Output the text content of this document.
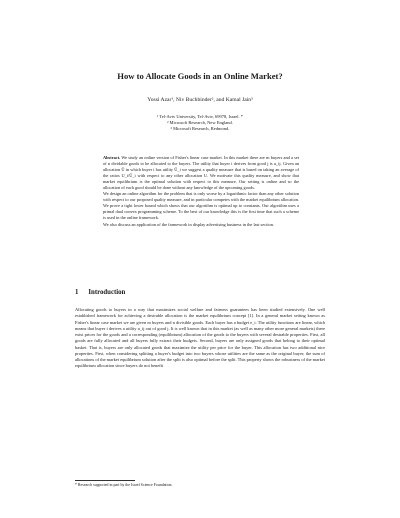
How to Allocate Goods in an Online Market?
Yossi Azar¹, Niv Buchbinder², and Kamal Jain³
¹ Tel-Aviv University, Tel-Aviv, 69978, Israel. *
² Microsoft Research, New England.
³ Microsoft Research, Redmond.

Abstract. We study an online version of Fisher's linear case market. In this market there are m buyers and a set of n dividable goods to be allocated to the buyers. The utility that buyer i derives from good j is u_ij. Given an allocation Û in which buyer i has utility Û_i we suggest a quality measure that is based on taking an average of the ratios U_i/Û_i with respect to any other allocation U. We motivate this quality measure, and show that market equilibrium is the optimal solution with respect to this measure. Our setting is online and so the allocation of each good should be done without any knowledge of the upcoming goods.

We design an online algorithm for the problem that is only worse by a logarithmic factor than any other solution with respect to our proposed quality measure, and in particular competes with the market equilibrium allocation. We prove a tight lower bound which shows that our algorithm is optimal up to constants. Our algorithm uses a primal dual convex programming scheme. To the best of our knowledge this is the first time that such a scheme is used in the online framework.

We also discuss an application of the framework in display advertising business in the last section.

1 Introduction
Allocating goods to buyers in a way that maximizes social welfare and fairness guarantees has been studied extensively. One well established framework for achieving a desirable allocation is the market equilibrium concept [1]. In a general market setting known as Fisher's linear case market we are given m buyers and n divisible goods. Each buyer has a budget e_i. The utility functions are linear, which means that buyer i derives a utility u_ij out of good j. It is well known that in this market (as well as many other more general markets) there exist prices for the goods and a corresponding (equilibrium) allocation of the goods to the buyers with several desirable properties. First, all goods are fully allocated and all buyers fully extract their budgets. Second, buyers are only assigned goods that belong to their optimal basket. That is, buyers are only allocated goods that maximize the utility per price for the buyer. This allocation has two additional nice properties. First, when considering splitting a buyer's budget into two buyers whose utilities are the same as the original buyer, the sum of allocations of the market equilibrium solution after the split is also optimal before the split. This property shows the robustness of the market equilibrium allocation since buyers do not benefit
* Research supported in part by the Israel Science Foundation.
